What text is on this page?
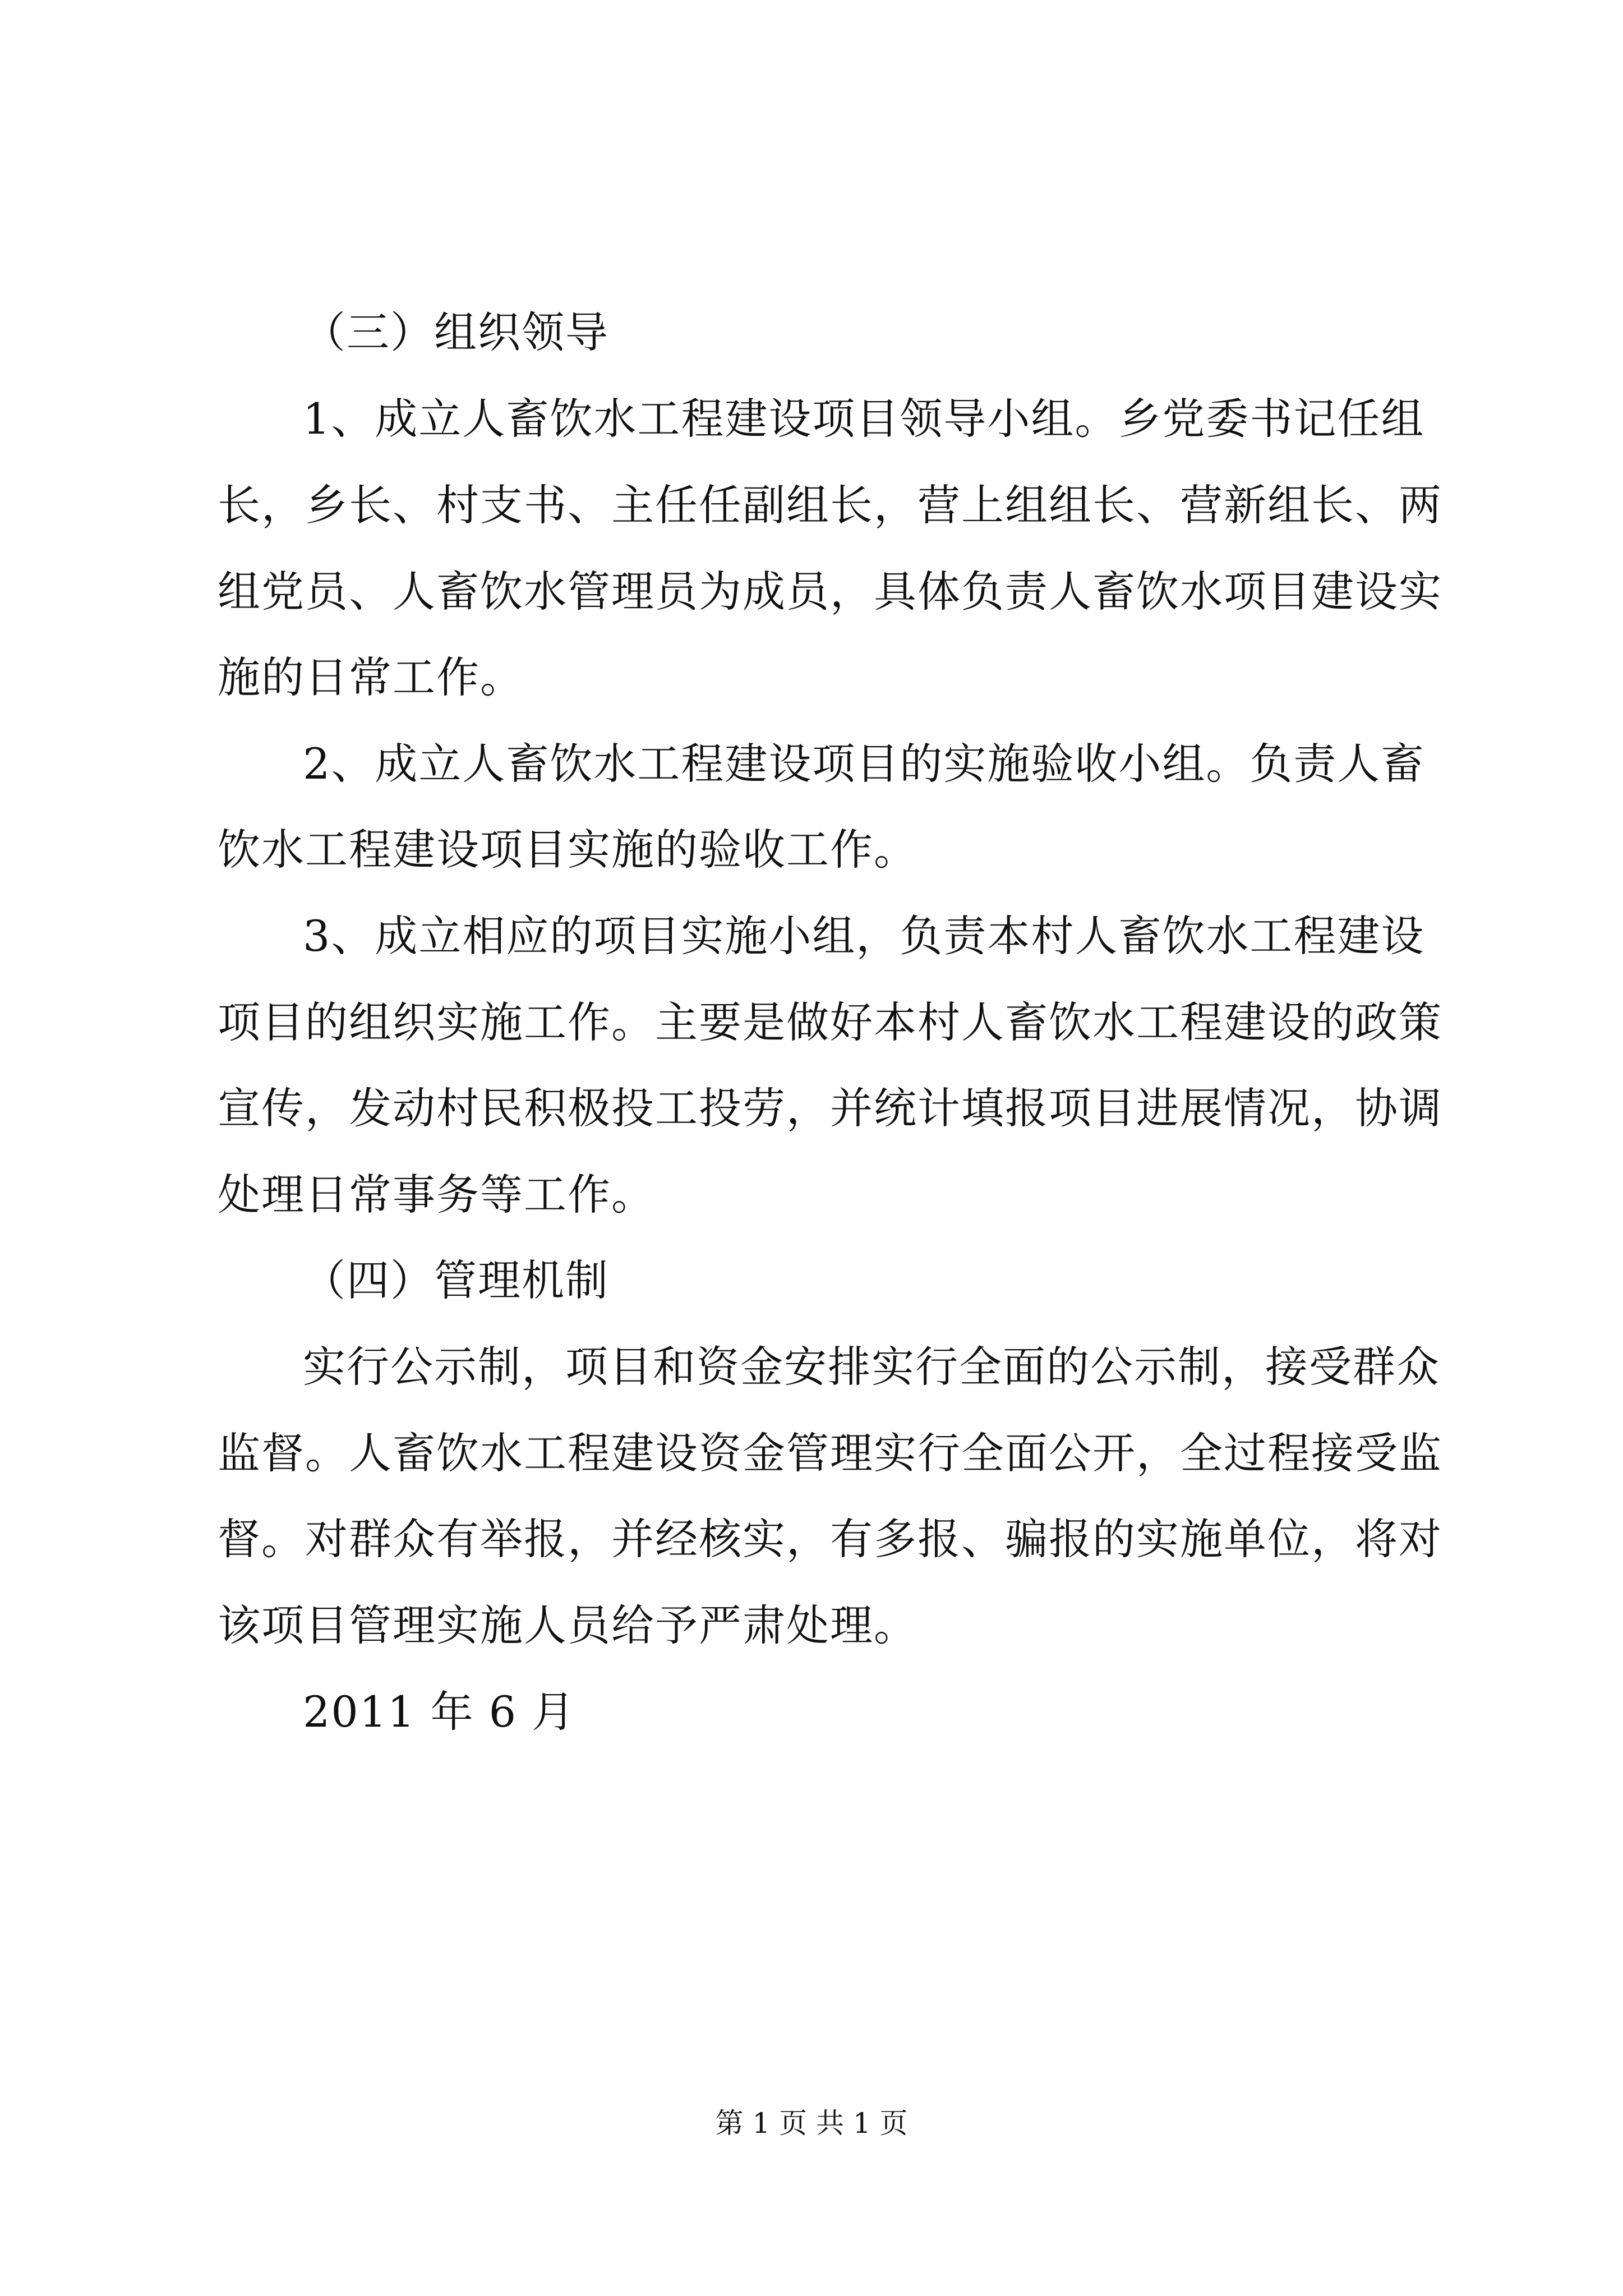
（三）组织领导
1、成立人畜饮水工程建设项目领导小组。乡党委书记任组
长，乡长、村支书、主任任副组长，营上组组长、营新组长、两
组党员、人畜饮水管理员为成员，具体负责人畜饮水项目建设实
施的日常工作。
2、成立人畜饮水工程建设项目的实施验收小组。负责人畜
饮水工程建设项目实施的验收工作。
3、成立相应的项目实施小组，负责本村人畜饮水工程建设
项目的组织实施工作。主要是做好本村人畜饮水工程建设的政策
宣传，发动村民积极投工投劳，并统计填报项目进展情况，协调
处理日常事务等工作。
（四）管理机制
实行公示制，项目和资金安排实行全面的公示制，接受群众
监督。人畜饮水工程建设资金管理实行全面公开，全过程接受监
督。对群众有举报，并经核实，有多报、骗报的实施单位，将对
该项目管理实施人员给予严肃处理。
2011 年 6 月
第 1 页 共 1 页
